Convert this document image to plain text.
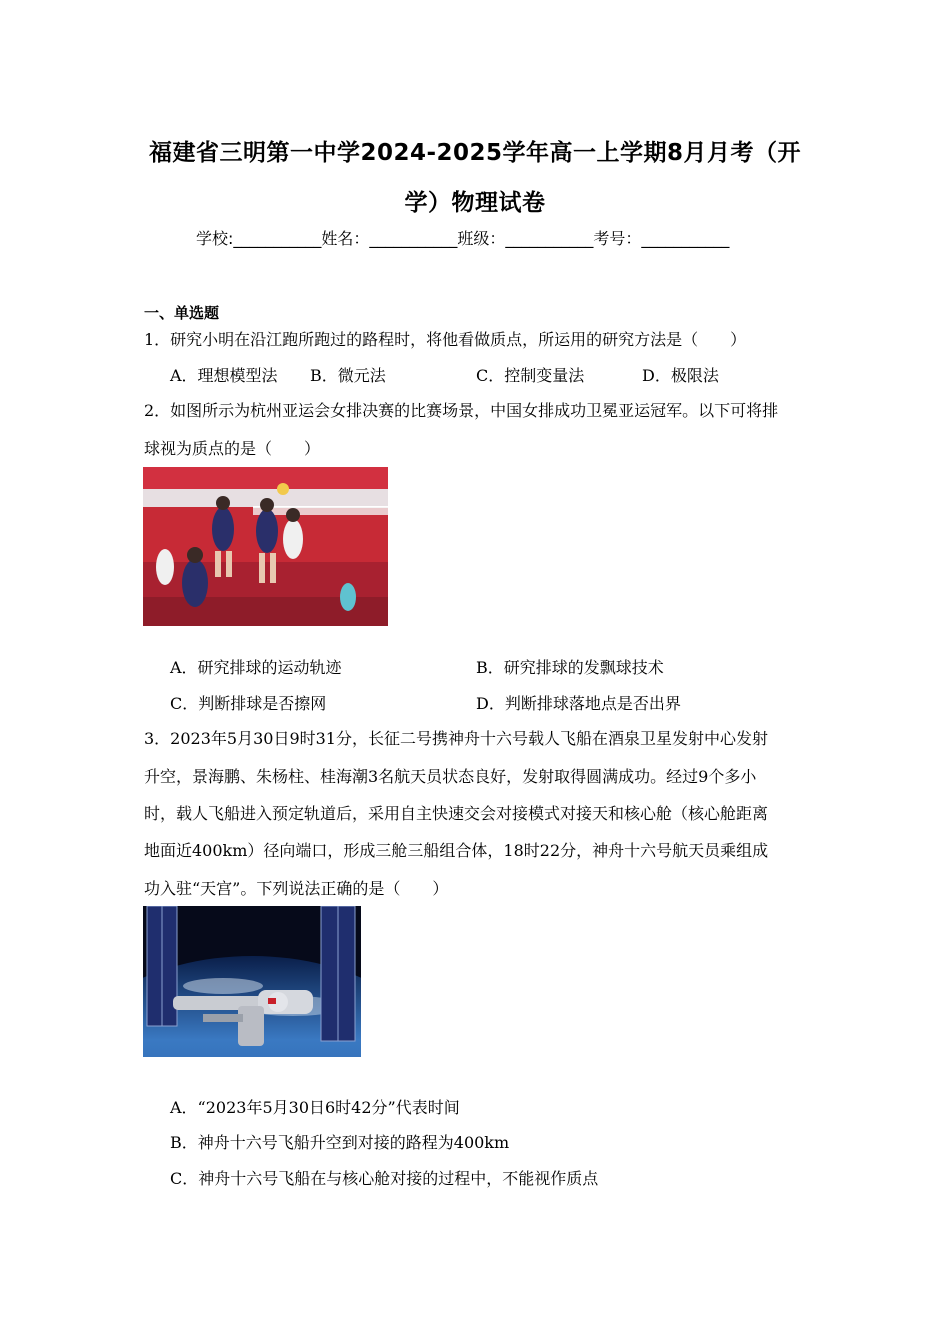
福建省三明第一中学2024-2025学年高一上学期8月月考（开
学）物理试卷
学校:___________姓名：___________班级：___________考号：___________
一、单选题
1．研究小明在沿江跑所跑过的路程时，将他看做质点，所运用的研究方法是（　　）
A．理想模型法 B．微元法	C．控制变量法	D．极限法
2．如图所示为杭州亚运会女排决赛的比赛场景，中国女排成功卫冕亚运冠军。以下可将排
球视为质点的是（　　）
A．研究排球的运动轨迹	B．研究排球的发飘球技术
C．判断排球是否擦网	D．判断排球落地点是否出界
3．2023年5月30日9时31分，长征二号携神舟十六号载人飞船在酒泉卫星发射中心发射
升空，景海鹏、朱杨柱、桂海潮3名航天员状态良好，发射取得圆满成功。经过9个多小
时，载人飞船进入预定轨道后，采用自主快速交会对接模式对接天和核心舱（核心舱距离
地面近400km）径向端口，形成三舱三船组合体，18时22分，神舟十六号航天员乘组成
功入驻“天宫”。下列说法正确的是（　　）
A．“2023年5月30日6时42分”代表时间
B．神舟十六号飞船升空到对接的路程为400km
C．神舟十六号飞船在与核心舱对接的过程中，不能视作质点
